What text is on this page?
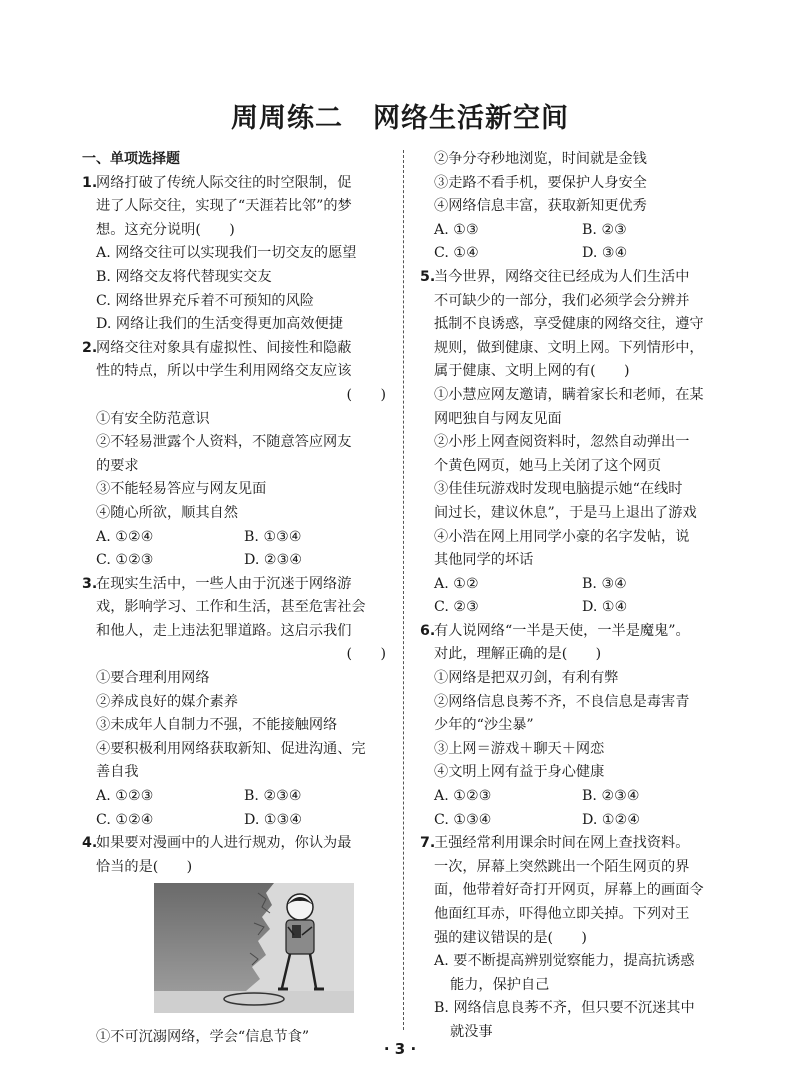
周周练二 网络生活新空间
一、单项选择题
1.
网络打破了传统人际交往的时空限制，促
进了人际交往，实现了“天涯若比邻”的梦
想。这充分说明(　　)
A. 网络交往可以实现我们一切交友的愿望
B. 网络交友将代替现实交友
C. 网络世界充斥着不可预知的风险
D. 网络让我们的生活变得更加高效便捷
2.
网络交往对象具有虚拟性、间接性和隐蔽
性的特点，所以中学生利用网络交友应该
(　　)
①有安全防范意识
②不轻易泄露个人资料，不随意答应网友
的要求
③不能轻易答应与网友见面
④随心所欲，顺其自然
A. ①②④	B. ①③④
C. ①②③	D. ②③④
3.
在现实生活中，一些人由于沉迷于网络游
戏，影响学习、工作和生活，甚至危害社会
和他人，走上违法犯罪道路。这启示我们
(　　)
①要合理利用网络
②养成良好的媒介素养
③未成年人自制力不强，不能接触网络
④要积极利用网络获取新知、促进沟通、完
善自我
A. ①②③	B. ②③④
C. ①②④	D. ①③④
4.
如果要对漫画中的人进行规劝，你认为最
恰当的是(　　)
①不可沉溺网络，学会“信息节食”
②争分夺秒地浏览，时间就是金钱
③走路不看手机，要保护人身安全
④网络信息丰富，获取新知更优秀
A. ①③	B. ②③
C. ①④	D. ③④
5.
当今世界，网络交往已经成为人们生活中
不可缺少的一部分，我们必须学会分辨并
抵制不良诱惑，享受健康的网络交往，遵守
规则，做到健康、文明上网。下列情形中，
属于健康、文明上网的有(　　)
①小慧应网友邀请，瞒着家长和老师，在某
网吧独自与网友见面
②小彤上网查阅资料时，忽然自动弹出一
个黄色网页，她马上关闭了这个网页
③佳佳玩游戏时发现电脑提示她“在线时
间过长，建议休息”，于是马上退出了游戏
④小浩在网上用同学小豪的名字发帖，说
其他同学的坏话
A. ①②	B. ③④
C. ②③	D. ①④
6.
有人说网络“一半是天使，一半是魔鬼”。
对此，理解正确的是(　　)
①网络是把双刃剑，有利有弊
②网络信息良莠不齐，不良信息是毒害青
少年的“沙尘暴”
③上网＝游戏＋聊天＋网恋
④文明上网有益于身心健康
A. ①②③	B. ②③④
C. ①③④	D. ①②④
7.
王强经常利用课余时间在网上查找资料。
一次，屏幕上突然跳出一个陌生网页的界
面，他带着好奇打开网页，屏幕上的画面令
他面红耳赤，吓得他立即关掉。下列对王
强的建议错误的是(　　)
A. 要不断提高辨别觉察能力，提高抗诱惑
能力，保护自己
B. 网络信息良莠不齐，但只要不沉迷其中
就没事
· 3 ·
